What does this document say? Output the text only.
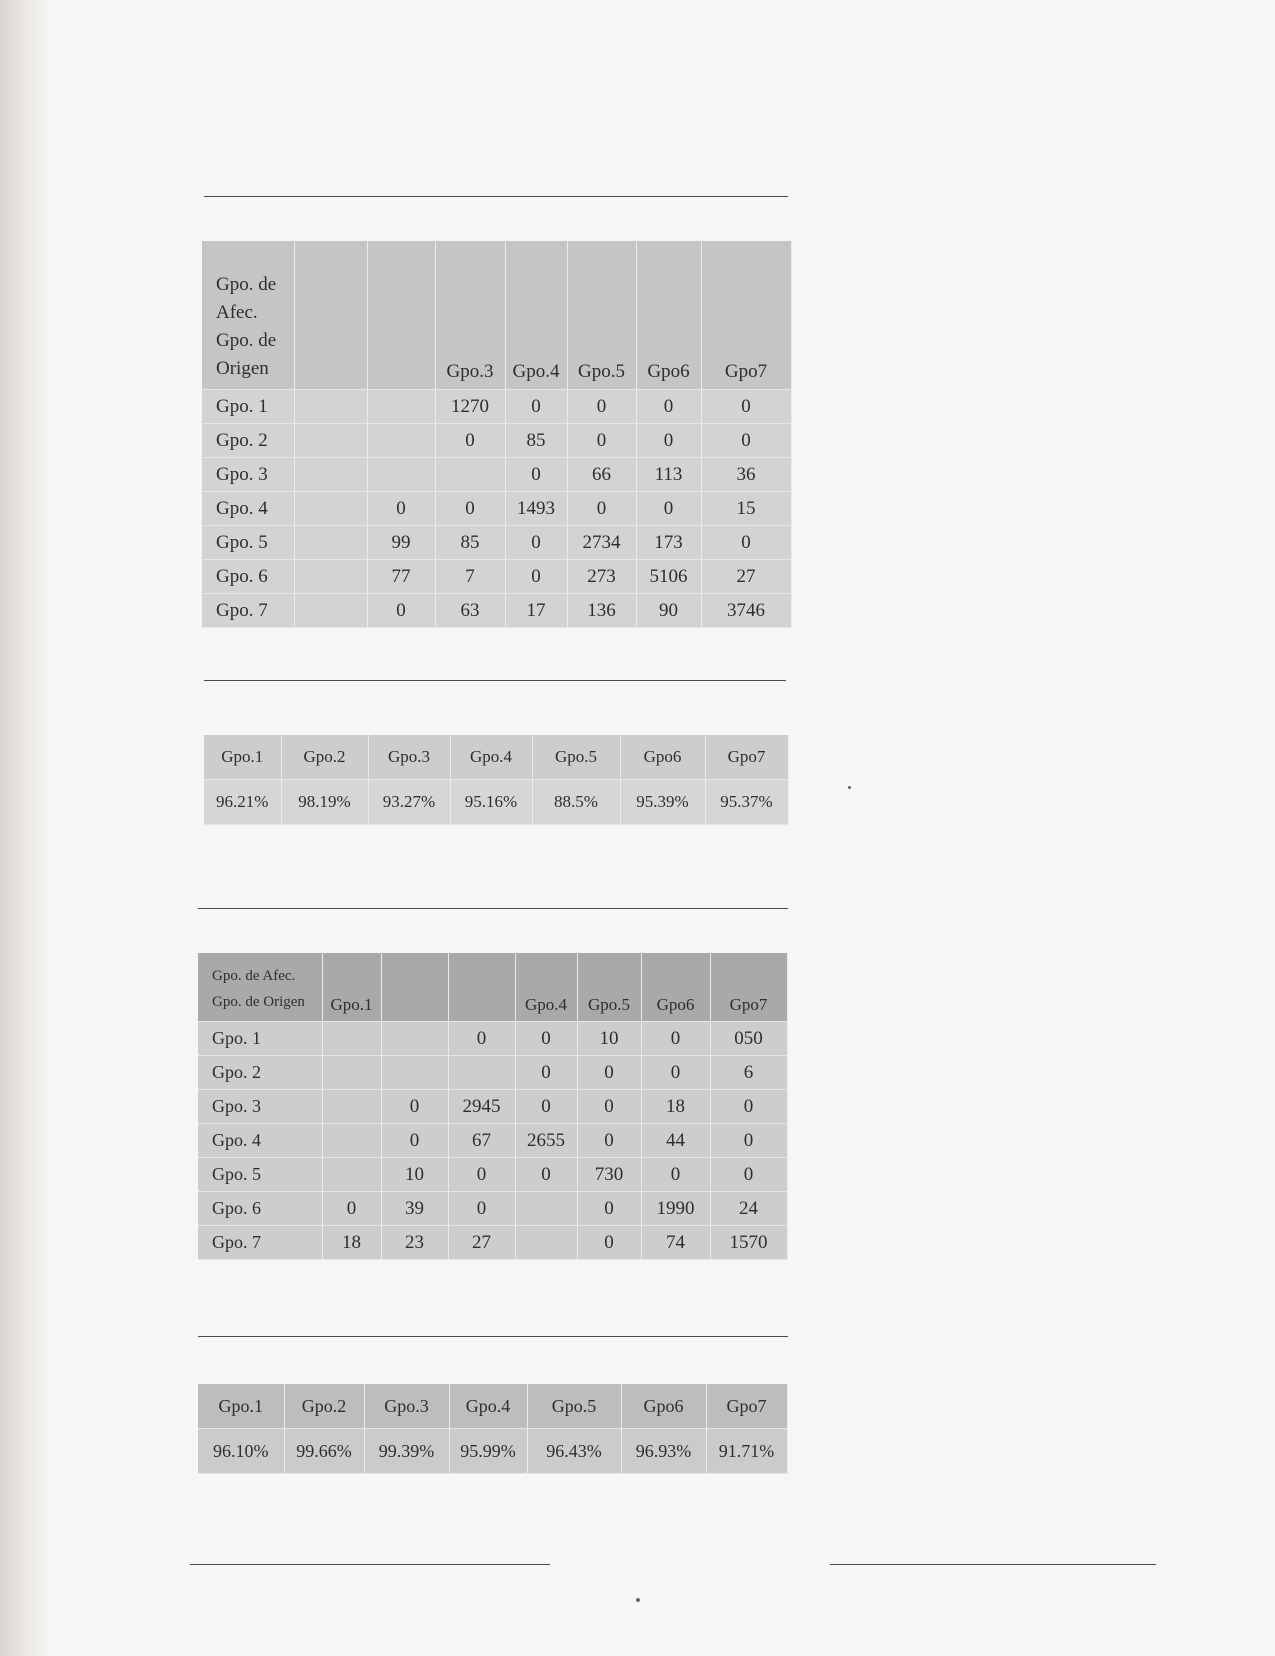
Gpo. de
Afec.
Gpo. de
Origen			Gpo.3	Gpo.4	Gpo.5	Gpo6	Gpo7
Gpo. 1			1270	0	0	0	0
Gpo. 2			0	85	0	0	0
Gpo. 3				0	66	113	36
Gpo. 4		0	0	1493	0	0	15
Gpo. 5		99	85	0	2734	173	0
Gpo. 6		77	7	0	273	5106	27
Gpo. 7		0	63	17	136	90	3746
Gpo.1	Gpo.2	Gpo.3	Gpo.4	Gpo.5	Gpo6	Gpo7
96.21%	98.19%	93.27%	95.16%	88.5%	95.39%	95.37%
Gpo. de Afec.
Gpo. de Origen	Gpo.1			Gpo.4	Gpo.5	Gpo6	Gpo7
Gpo. 1			0	0	10	0	050
Gpo. 2				0	0	0	6
Gpo. 3		0	2945	0	0	18	0
Gpo. 4		0	67	2655	0	44	0
Gpo. 5		10	0	0	730	0	0
Gpo. 6	0	39	0		0	1990	24
Gpo. 7	18	23	27		0	74	1570
Gpo.1	Gpo.2	Gpo.3	Gpo.4	Gpo.5	Gpo6	Gpo7
96.10%	99.66%	99.39%	95.99%	96.43%	96.93%	91.71%
